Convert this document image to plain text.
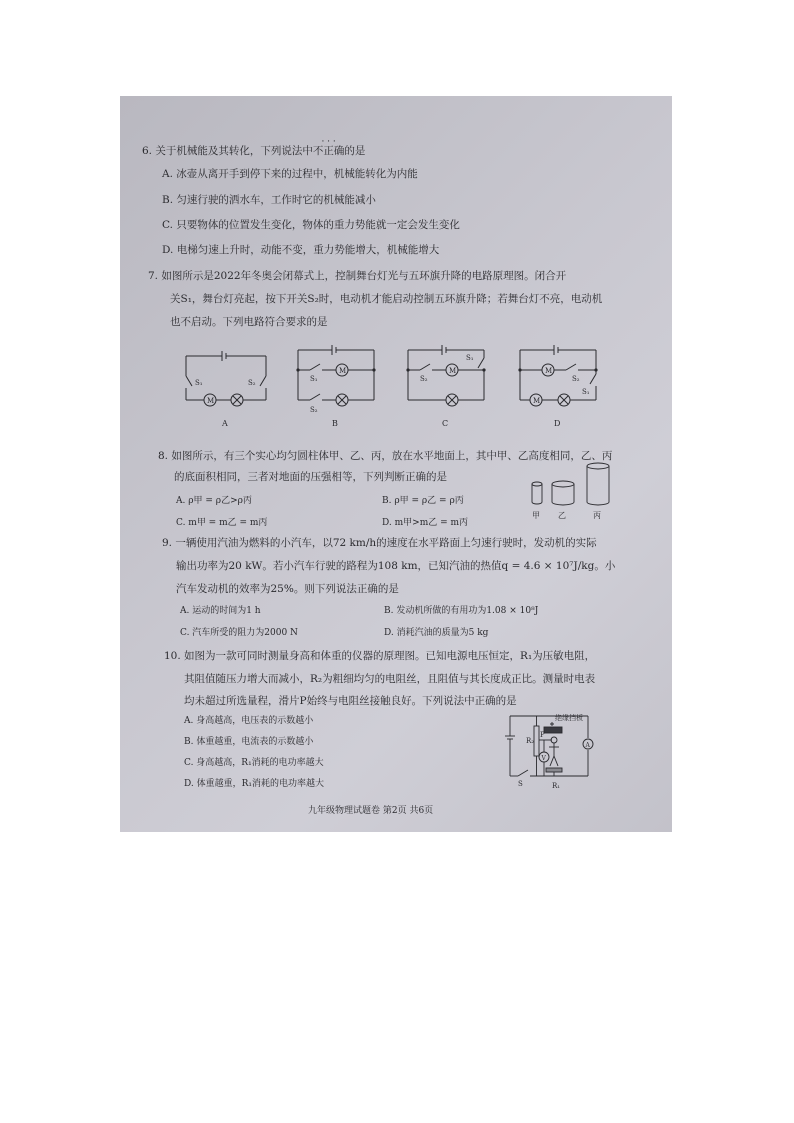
6. 关于机械能及其转化，下列说法中不正确
· · ·
的是
A. 冰壶从离开手到停下来的过程中，机械能转化为内能
B. 匀速行驶的洒水车，工作时它的机械能减小
C. 只要物体的位置发生变化，物体的重力势能就一定会发生变化
D. 电梯匀速上升时，动能不变，重力势能增大，机械能增大
7. 如图所示是2022年冬奥会闭幕式上，控制舞台灯光与五环旗升降的电路原理图。闭合开
关S₁，舞台灯亮起，按下开关S₂时，电动机才能启动控制五环旗升降；若舞台灯不亮，电动机
也不启动。下列电路符合要求的是
M
S₁	S₂
A
M
S₁
S₂
B
M
S₁
S₂
C
M
M
S₂
S₁
D
8. 如图所示，有三个实心均匀圆柱体甲、乙、丙，放在水平地面上，其中甲、乙高度相同，乙、丙
的底面积相同，三者对地面的压强相等，下列判断正确的是
A. ρ甲 = ρ乙>ρ丙	B. ρ甲 = ρ乙 = ρ丙
C. m甲 = m乙 = m丙	D. m甲>m乙 = m丙
甲 乙	丙
9. 一辆使用汽油为燃料的小汽车，以72 km/h的速度在水平路面上匀速行驶时，发动机的实际
输出功率为20 kW。若小汽车行驶的路程为108 km，已知汽油的热值q = 4.6 × 10⁷J/kg。小
汽车发动机的效率为25%。则下列说法正确的是
A. 运动的时间为1 h	B. 发动机所做的有用功为1.08 × 10⁸J
C. 汽车所受的阻力为2000 N	D. 消耗汽油的质量为5 kg
10. 如图为一款可同时测量身高和体重的仪器的原理图。已知电源电压恒定，R₁为压敏电阻，
其阻值随压力增大而减小，R₂为粗细均匀的电阻丝，且阻值与其长度成正比。测量时电表
均未超过所选量程，滑片P始终与电阻丝接触良好。下列说法中正确的是
A. 身高越高，电压表的示数越小
B. 体重越重，电流表的示数越小
C. 身高越高，R₁消耗的电功率越大
D. 体重越重，R₁消耗的电功率越大
绝缘挡板
R₂
P
V
A
S	R₁
九年级物理试题卷 第2页 共6页
